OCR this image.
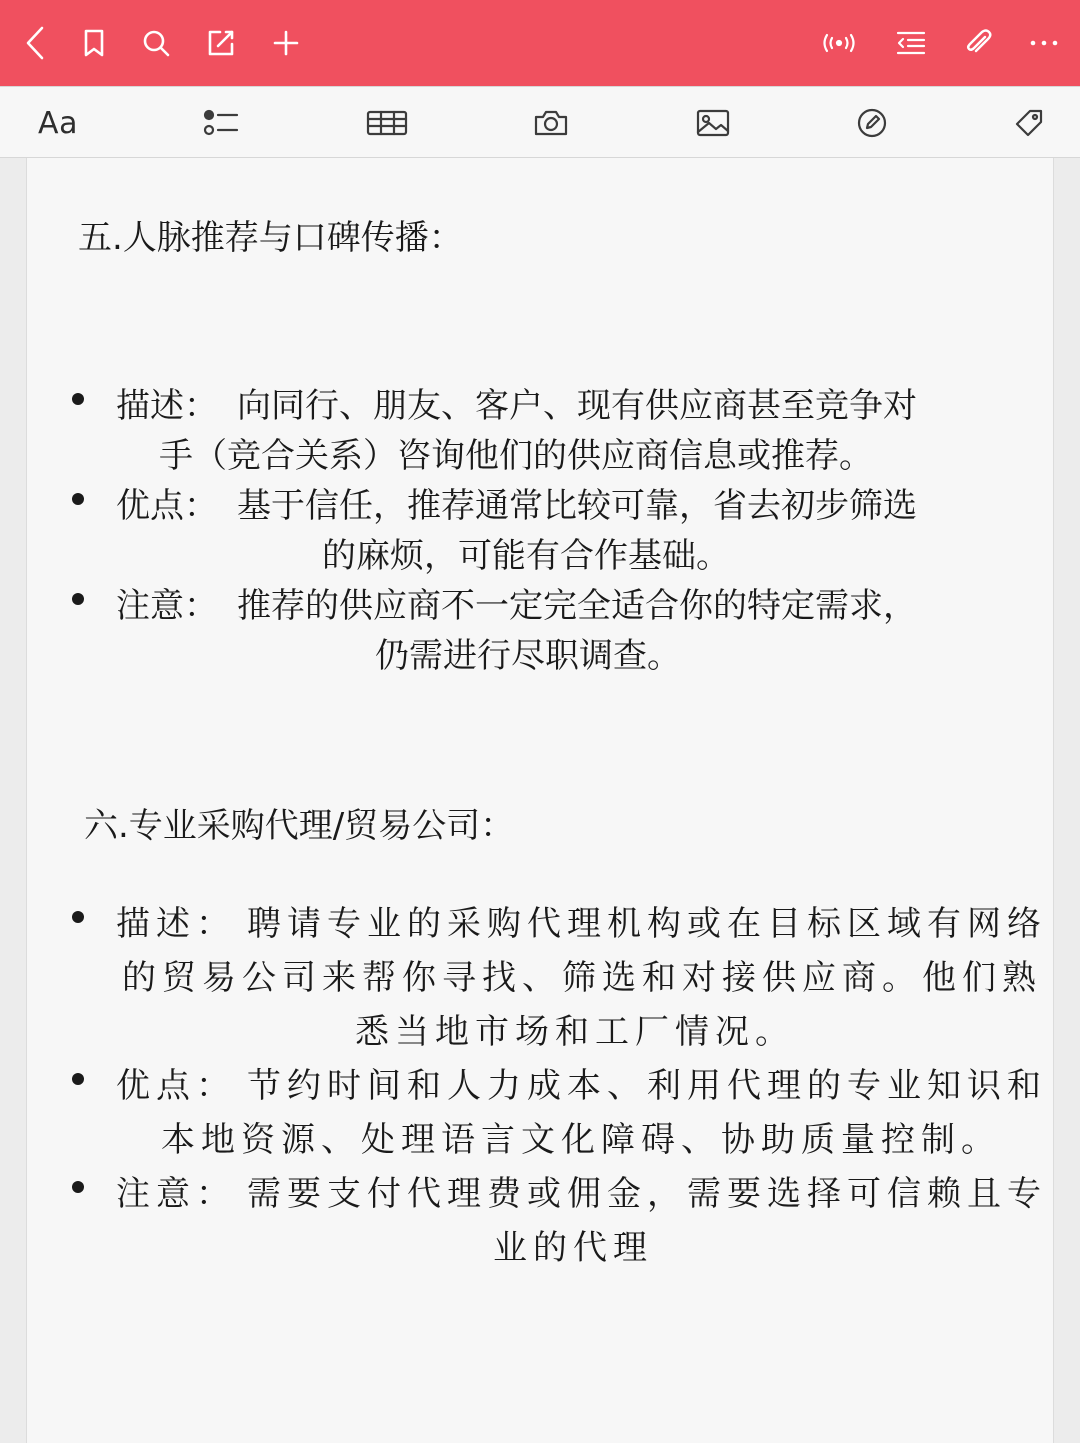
Aa
五.人脉推荐与口碑传播：
描述： 向同行、朋友、客户、现有供应商甚至竞争对
手（竞合关系）咨询他们的供应商信息或推荐。
优点： 基于信任，推荐通常比较可靠，省去初步筛选
的麻烦，可能有合作基础。
注意： 推荐的供应商不一定完全适合你的特定需求，
仍需进行尽职调查。
六.专业采购代理/贸易公司：
描述： 聘请专业的采购代理机构或在目标区域有网络
的贸易公司来帮你寻找、筛选和对接供应商。他们熟
悉当地市场和工厂情况。
优点： 节约时间和人力成本、利用代理的专业知识和
本地资源、处理语言文化障碍、协助质量控制。
注意： 需要支付代理费或佣金，需要选择可信赖且专
业的代理
